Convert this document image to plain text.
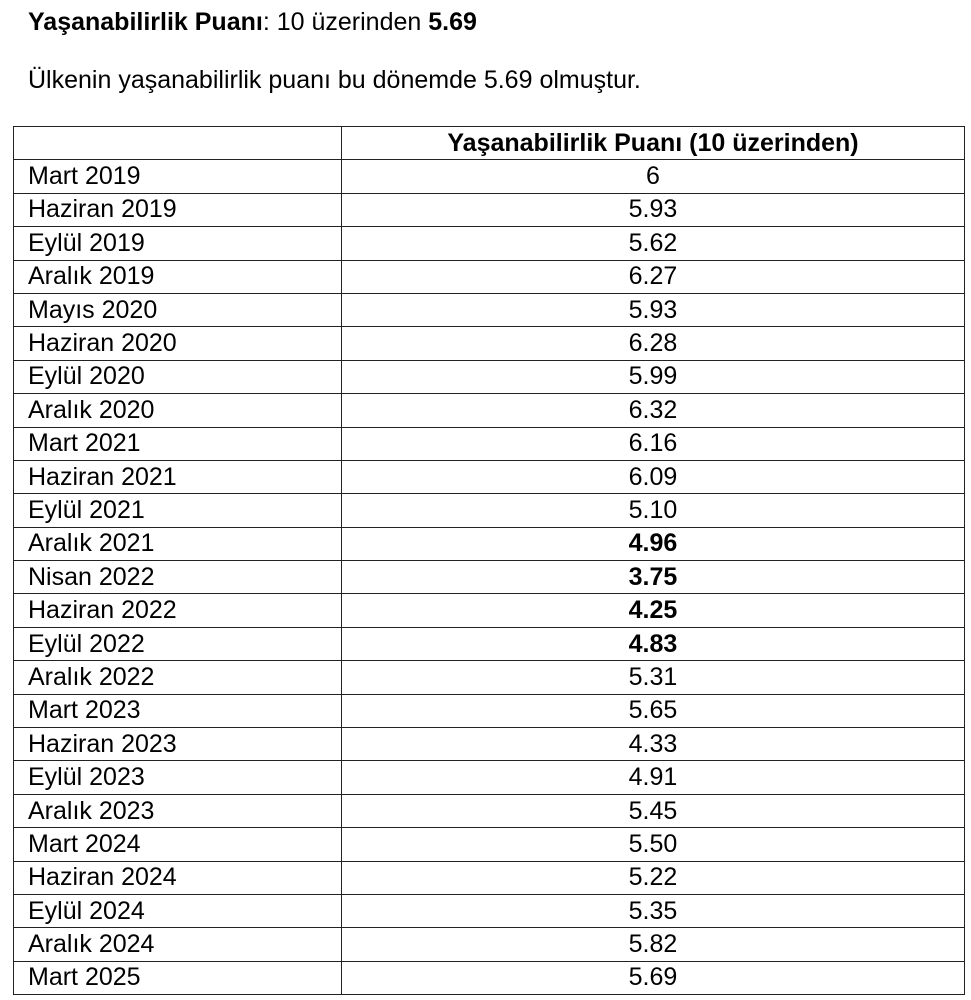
Yaşanabilirlik Puanı: 10 üzerinden 5.69
Ülkenin yaşanabilirlik puanı bu dönemde 5.69 olmuştur.
	Yaşanabilirlik Puanı (10 üzerinden)
Mart 2019	6
Haziran 2019	5.93
Eylül 2019	5.62
Aralık 2019	6.27
Mayıs 2020	5.93
Haziran 2020	6.28
Eylül 2020	5.99
Aralık 2020	6.32
Mart 2021	6.16
Haziran 2021	6.09
Eylül 2021	5.10
Aralık 2021	4.96
Nisan 2022	3.75
Haziran 2022	4.25
Eylül 2022	4.83
Aralık 2022	5.31
Mart 2023	5.65
Haziran 2023	4.33
Eylül 2023	4.91
Aralık 2023	5.45
Mart 2024	5.50
Haziran 2024	5.22
Eylül 2024	5.35
Aralık 2024	5.82
Mart 2025	5.69
